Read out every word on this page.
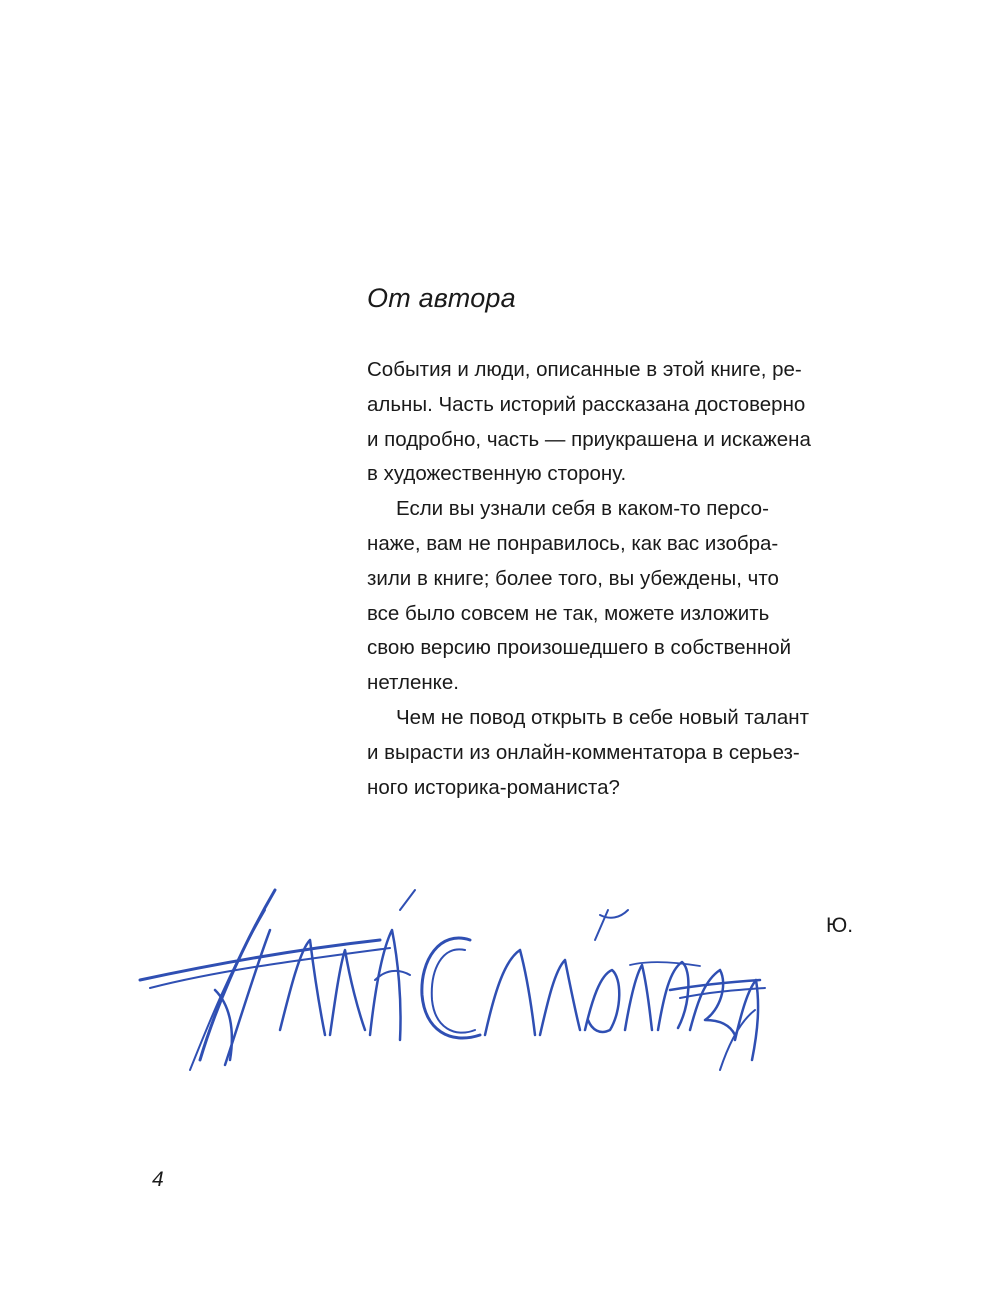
От автора
События и люди, описанные в этой книге, ре-
альны. Часть историй рассказана достоверно
и подробно, часть — приукрашена и искажена
в художественную сторону.
Если вы узнали себя в каком-то персо-
наже, вам не понравилось, как вас изобра-
зили в книге; более того, вы убеждены, что
все было совсем не так, можете изложить
свою версию произошедшего в собственной
нетленке.
Чем не повод открыть в себе новый талант
и вырасти из онлайн-комментатора в серьез-
ного историка-романиста?
Ю.
4
